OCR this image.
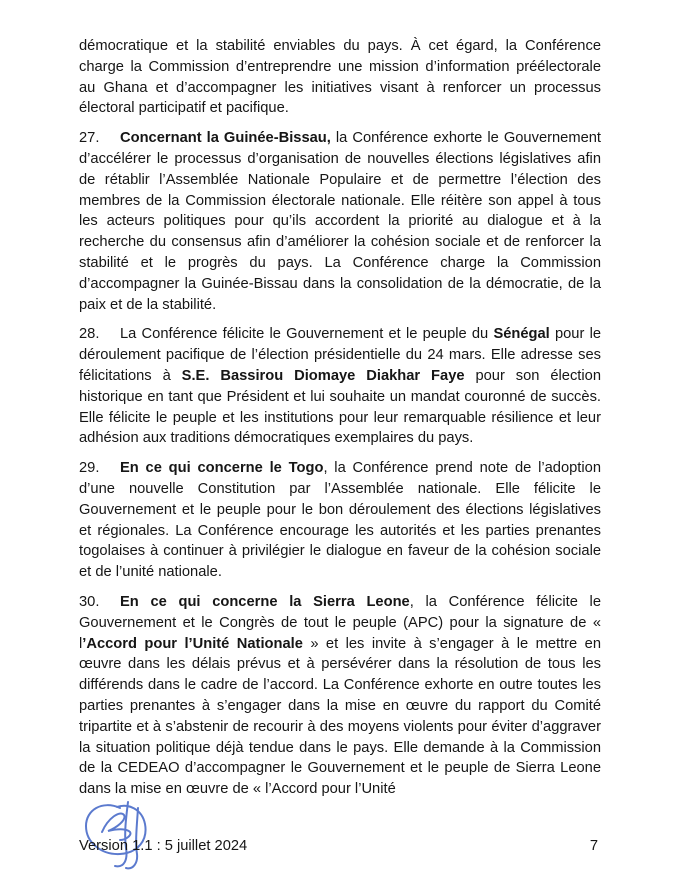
démocratique et la stabilité enviables du pays. À cet égard, la Conférence charge la Commission d’entreprendre une mission d’information préélectorale au Ghana et d’accompagner les initiatives visant à renforcer un processus électoral participatif et pacifique.

27. Concernant la Guinée-Bissau, la Conférence exhorte le Gouvernement d’accélérer le processus d’organisation de nouvelles élections législatives afin de rétablir l’Assemblée Nationale Populaire et de permettre l’élection des membres de la Commission électorale nationale. Elle réitère son appel à tous les acteurs politiques pour qu’ils accordent la priorité au dialogue et à la recherche du consensus afin d’améliorer la cohésion sociale et de renforcer la stabilité et le progrès du pays. La Conférence charge la Commission d’accompagner la Guinée-Bissau dans la consolidation de la démocratie, de la paix et de la stabilité.

28. La Conférence félicite le Gouvernement et le peuple du Sénégal pour le déroulement pacifique de l’élection présidentielle du 24 mars. Elle adresse ses félicitations à S.E. Bassirou Diomaye Diakhar Faye pour son élection historique en tant que Président et lui souhaite un mandat couronné de succès. Elle félicite le peuple et les institutions pour leur remarquable résilience et leur adhésion aux traditions démocratiques exemplaires du pays.

29. En ce qui concerne le Togo, la Conférence prend note de l’adoption d’une nouvelle Constitution par l’Assemblée nationale. Elle félicite le Gouvernement et le peuple pour le bon déroulement des élections législatives et régionales. La Conférence encourage les autorités et les parties prenantes togolaises à continuer à privilégier le dialogue en faveur de la cohésion sociale et de l’unité nationale.

30. En ce qui concerne la Sierra Leone, la Conférence félicite le Gouvernement et le Congrès de tout le peuple (APC) pour la signature de « l’Accord pour l’Unité Nationale » et les invite à s’engager à le mettre en œuvre dans les délais prévus et à persévérer dans la résolution de tous les différends dans le cadre de l’accord. La Conférence exhorte en outre toutes les parties prenantes à s’engager dans la mise en œuvre du rapport du Comité tripartite et à s’abstenir de recourir à des moyens violents pour éviter d’aggraver la situation politique déjà tendue dans le pays. Elle demande à la Commission de la CEDEAO d’accompagner le Gouvernement et le peuple de Sierra Leone dans la mise en œuvre de « l’Accord pour l’Unité

Version 1.1 : 5 juillet 2024	7
